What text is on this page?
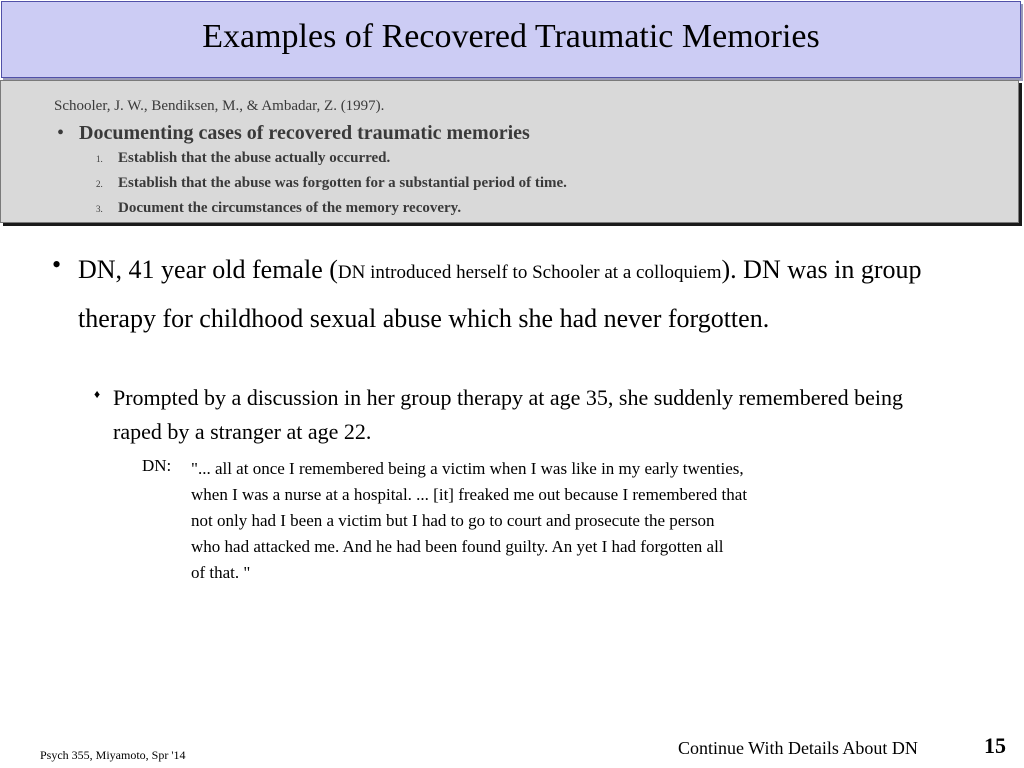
Examples of Recovered Traumatic Memories
Schooler, J. W., Bendiksen, M., & Ambadar, Z. (1997).
• Documenting cases of recovered traumatic memories
1. Establish that the abuse actually occurred.
2. Establish that the abuse was forgotten for a substantial period of time.
3. Document the circumstances of the memory recovery.
• DN, 41 year old female (DN introduced herself to Schooler at a colloquiem). DN was in group therapy for childhood sexual abuse which she had never forgotten.
♦ Prompted by a discussion in her group therapy at age 35, she suddenly remembered being raped by a stranger at age 22.
DN: "... all at once I remembered being a victim when I was like in my early twenties,
when I was a nurse at a hospital. ... [it] freaked me out because I remembered that
not only had I been a victim but I had to go to court and prosecute the person
who had attacked me. And he had been found guilty. An yet I had forgotten all
of that. "
Psych 355, Miyamoto, Spr '14	Continue With Details About DN	15
